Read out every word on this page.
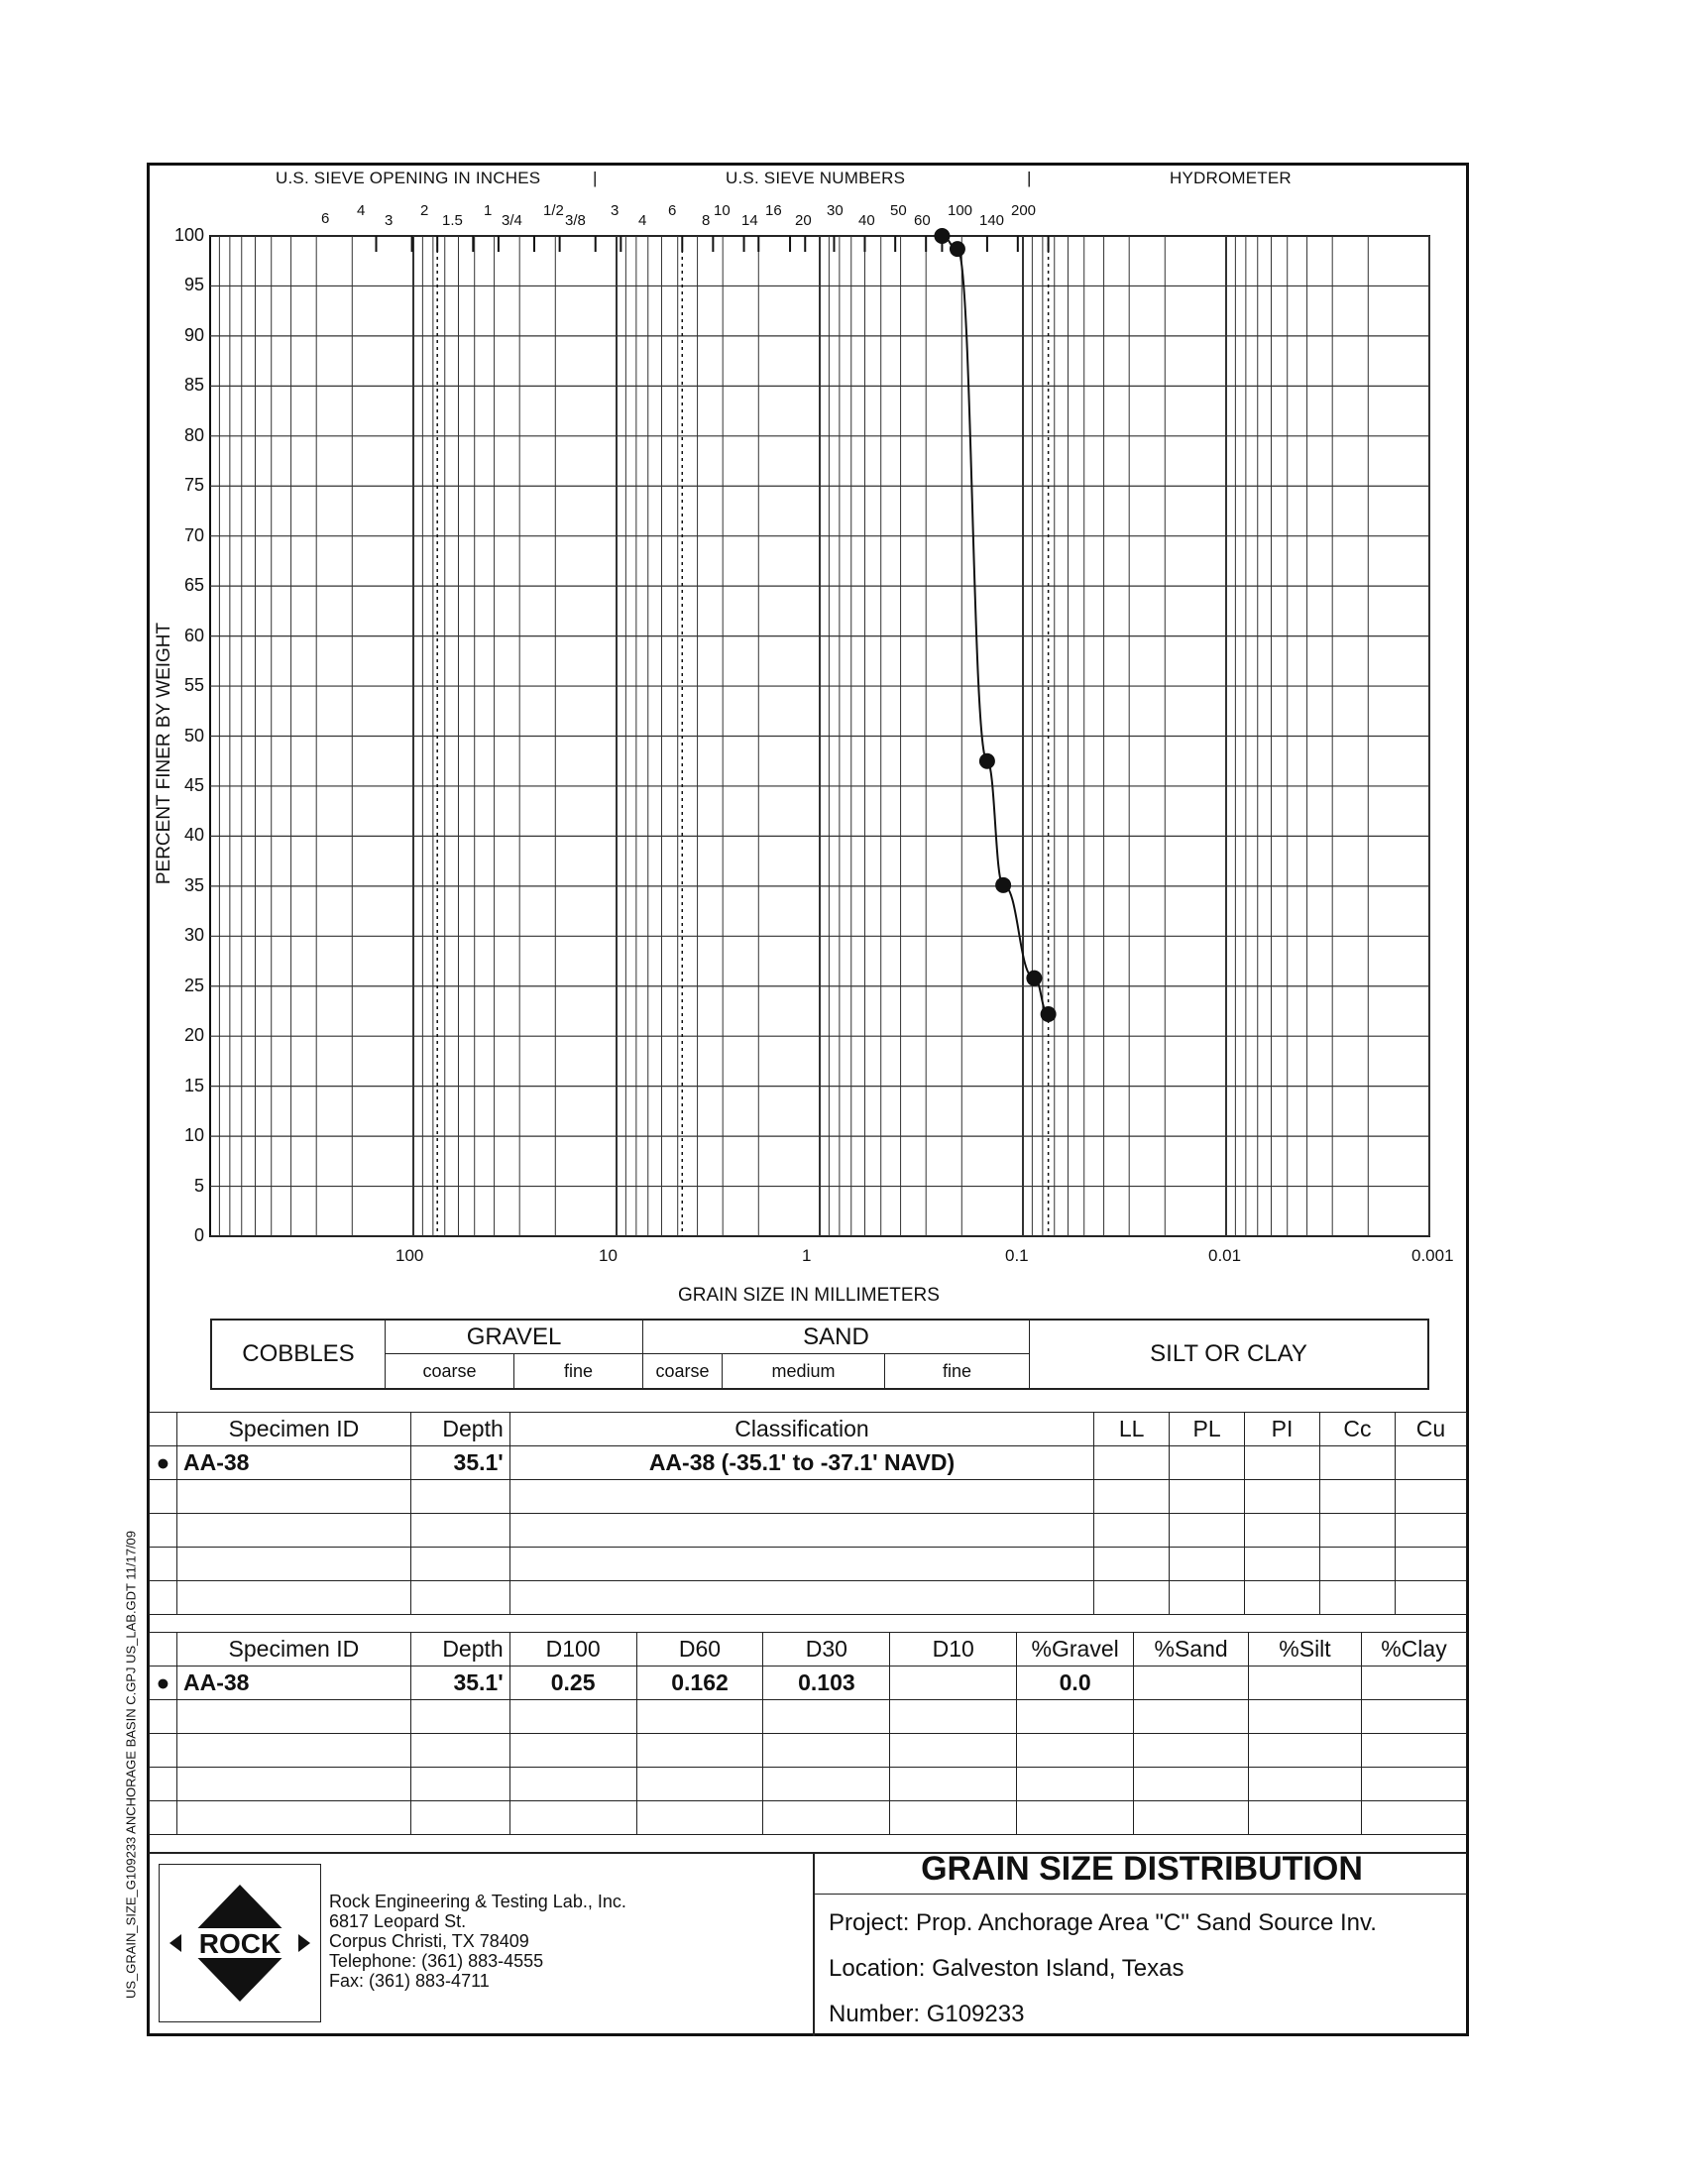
US_GRAIN_SIZE_G109233 ANCHORAGE BASIN C.GPJ US_LAB.GDT 11/17/09
U.S. SIEVE OPENING IN INCHES	|	U.S. SIEVE NUMBERS	|	HYDROMETER
6 4
3
2
1.5
1
3/4
1/2
3/8
3
4
6
8
10
14
16
20
30
40
50
60
100
140
200
PERCENT FINER BY WEIGHT
0
5
10
15
20
25
30
35
40
45
50
55
60
65
70
75
80
85
90
95
100
100	10	1	0.1	0.01	0.001
GRAIN SIZE IN MILLIMETERS
COBBLES
GRAVEL
coarse	fine
SAND
coarse	medium	fine
SILT OR CLAY
	Specimen ID	Depth	Classification	LL	PL	PI	Cc	Cu
●	AA-38	35.1'	AA-38 (-35.1' to -37.1' NAVD)					

	Specimen ID	Depth	D100	D60	D30	D10	%Gravel	%Sand	%Silt	%Clay
●	AA-38	35.1'	0.25	0.162	0.103		0.0			

ROCK
Rock Engineering & Testing Lab., Inc.
6817 Leopard St.
Corpus Christi, TX 78409
Telephone: (361) 883-4555
Fax: (361) 883-4711
GRAIN SIZE DISTRIBUTION
Project: Prop. Anchorage Area "C" Sand Source Inv.
Location: Galveston Island, Texas
Number: G109233
